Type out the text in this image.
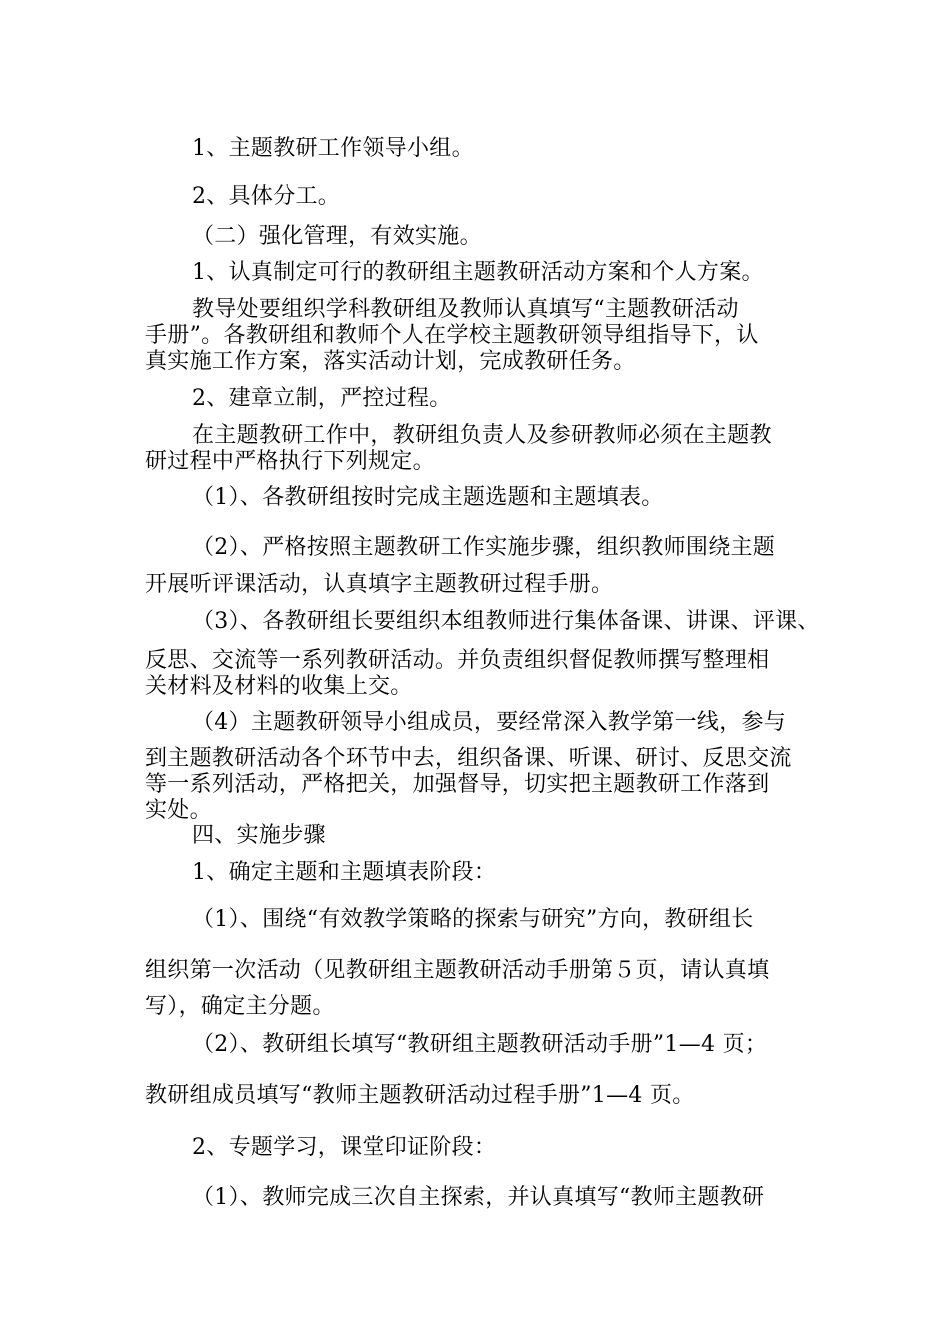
1、主题教研工作领导小组。
2、具体分工。
（二）强化管理，有效实施。
1、认真制定可行的教研组主题教研活动方案和个人方案。
教导处要组织学科教研组及教师认真填写“主题教研活动
手册”。各教研组和教师个人在学校主题教研领导组指导下，认
真实施工作方案，落实活动计划，完成教研任务。
2、建章立制，严控过程。
在主题教研工作中，教研组负责人及参研教师必须在主题教
研过程中严格执行下列规定。
（1）、各教研组按时完成主题选题和主题填表。
（2）、严格按照主题教研工作实施步骤，组织教师围绕主题
开展听评课活动，认真填字主题教研过程手册。
（3）、各教研组长要组织本组教师进行集体备课、讲课、评课、
反思、交流等一系列教研活动。并负责组织督促教师撰写整理相
关材料及材料的收集上交。
（4）主题教研领导小组成员，要经常深入教学第一线，参与
到主题教研活动各个环节中去，组织备课、听课、研讨、反思交流
等一系列活动，严格把关，加强督导，切实把主题教研工作落到
实处。
四、实施步骤
1、确定主题和主题填表阶段：
（1）、围绕“有效教学策略的探索与研究”方向，教研组长
组织第一次活动（见教研组主题教研活动手册第５页，请认真填
写），确定主分题。
（2）、教研组长填写“教研组主题教研活动手册”1—4 页；
教研组成员填写“教师主题教研活动过程手册”1—4 页。
2、专题学习，课堂印证阶段：
（1）、教师完成三次自主探索，并认真填写“教师主题教研
